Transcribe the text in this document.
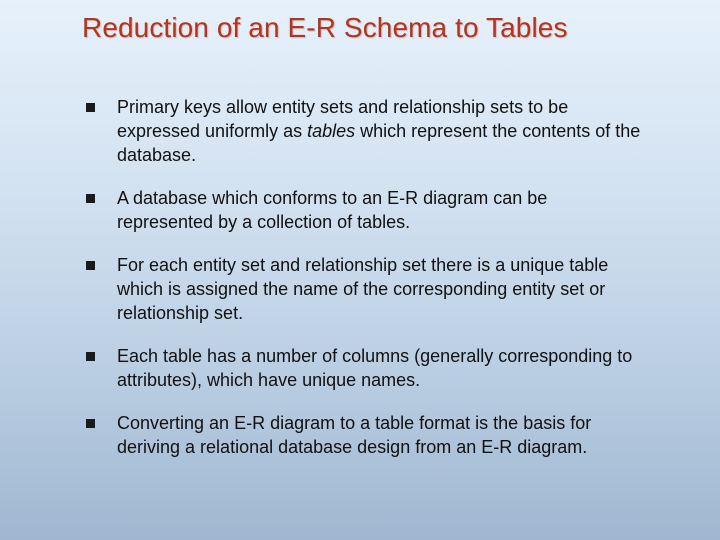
Reduction of an E-R Schema to Tables
Primary keys allow entity sets and relationship sets to be expressed uniformly as tables which represent the contents of the database.
A database which conforms to an E-R diagram can be represented by a collection of tables.
For each entity set and relationship set there is a unique table which is assigned the name of the corresponding entity set or relationship set.
Each table has a number of columns (generally corresponding to attributes), which have unique names.
Converting an E-R diagram to a table format is the basis for deriving a relational database design from an E-R diagram.
